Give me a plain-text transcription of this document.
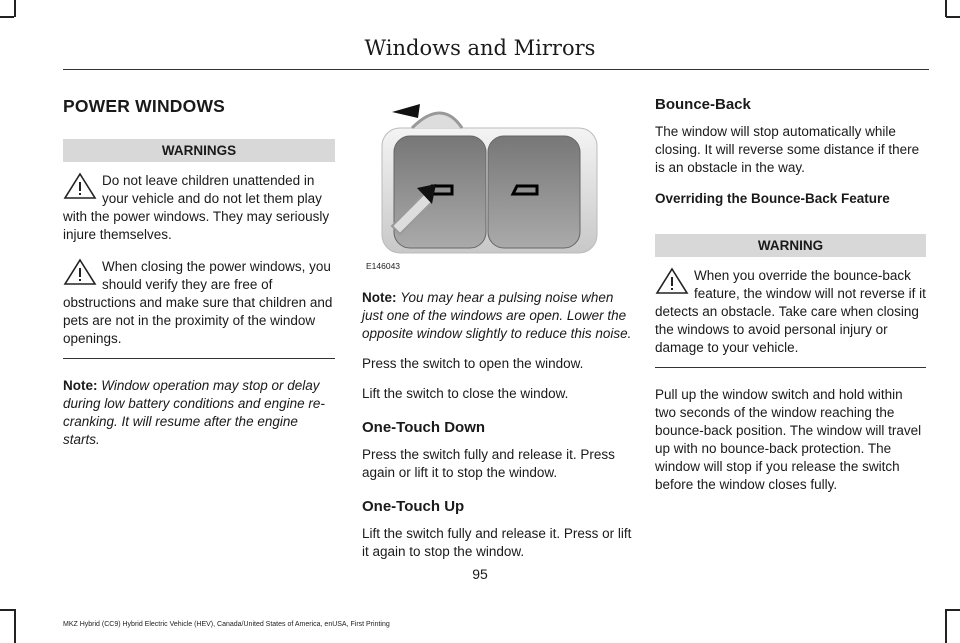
Windows and Mirrors
POWER WINDOWS
WARNINGS

Do not leave children unattended in your vehicle and do not let them play with the power windows. They may seriously injure themselves.

When closing the power windows, you should verify they are free of obstructions and make sure that children and pets are not in the proximity of the window openings.

Note: Window operation may stop or delay during low battery conditions and engine re-cranking. It will resume after the engine starts.

E146043

Note: You may hear a pulsing noise when just one of the windows are open. Lower the opposite window slightly to reduce this noise.

Press the switch to open the window.

Lift the switch to close the window.

One-Touch Down

Press the switch fully and release it. Press again or lift it to stop the window.

One-Touch Up

Lift the switch fully and release it. Press or lift it again to stop the window.

Bounce-Back

The window will stop automatically while closing. It will reverse some distance if there is an obstacle in the way.

Overriding the Bounce-Back Feature
WARNING

When you override the bounce-back feature, the window will not reverse if it detects an obstacle. Take care when closing the windows to avoid personal injury or damage to your vehicle.

Pull up the window switch and hold within two seconds of the window reaching the bounce-back position. The window will travel up with no bounce-back protection. The window will stop if you release the switch before the window closes fully.

95
MKZ Hybrid (CC9) Hybrid Electric Vehicle (HEV), Canada/United States of America, enUSA, First Printing
